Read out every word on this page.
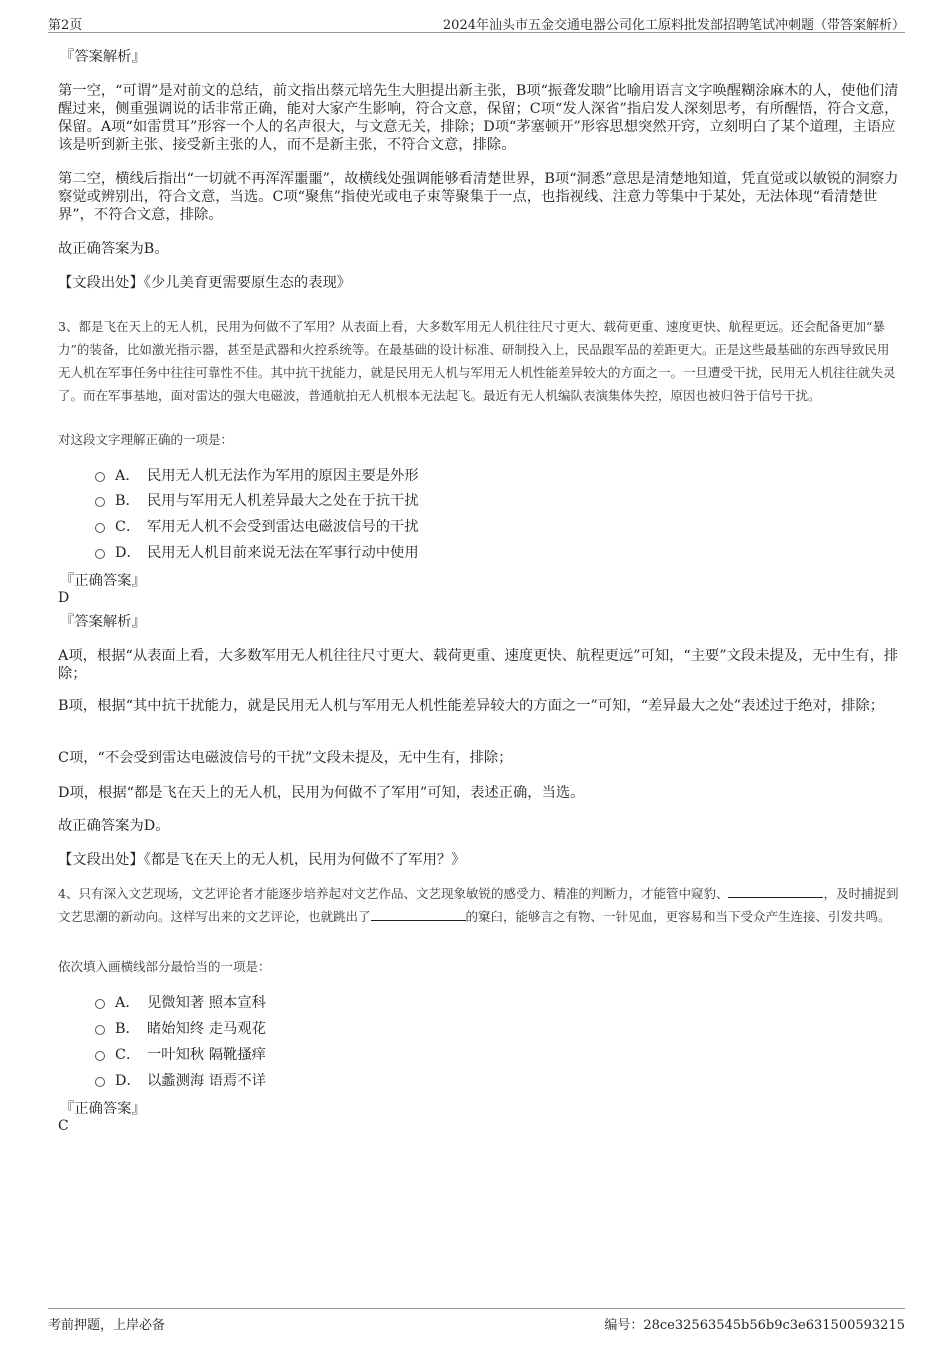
第2页	2024年汕头市五金交通电器公司化工原料批发部招聘笔试冲刺题（带答案解析）
『答案解析』

第一空，“可谓”是对前文的总结，前文指出蔡元培先生大胆提出新主张，B项“振聋发聩”比喻用语言文字唤醒糊涂麻木的人，使他们清醒过来，侧重强调说的话非常正确，能对大家产生影响，符合文意，保留；C项“发人深省”指启发人深刻思考，有所醒悟，符合文意，保留。A项“如雷贯耳”形容一个人的名声很大，与文意无关，排除；D项“茅塞顿开”形容思想突然开窍，立刻明白了某个道理，主语应该是听到新主张、接受新主张的人，而不是新主张，不符合文意，排除。

第二空，横线后指出“一切就不再浑浑噩噩”，故横线处强调能够看清楚世界，B项“洞悉”意思是清楚地知道，凭直觉或以敏锐的洞察力察觉或辨别出，符合文意，当选。C项“聚焦”指使光或电子束等聚集于一点，也指视线、注意力等集中于某处，无法体现“看清楚世界”，不符合文意，排除。

故正确答案为B。

【文段出处】《少儿美育更需要原生态的表现》

3、都是飞在天上的无人机，民用为何做不了军用？从表面上看，大多数军用无人机往往尺寸更大、载荷更重、速度更快、航程更远。还会配备更加“暴力”的装备，比如激光指示器，甚至是武器和火控系统等。在最基础的设计标准、研制投入上，民品跟军品的差距更大。正是这些最基础的东西导致民用无人机在军事任务中往往可靠性不佳。其中抗干扰能力，就是民用无人机与军用无人机性能差异较大的方面之一。一旦遭受干扰，民用无人机往往就失灵了。而在军事基地，面对雷达的强大电磁波，普通航拍无人机根本无法起飞。最近有无人机编队表演集体失控，原因也被归咎于信号干扰。

对这段文字理解正确的一项是：

A． 民用无人机无法作为军用的原因主要是外形
B． 民用与军用无人机差异最大之处在于抗干扰
C． 军用无人机不会受到雷达电磁波信号的干扰
D． 民用无人机目前来说无法在军事行动中使用
『正确答案』
D
『答案解析』

A项，根据“从表面上看，大多数军用无人机往往尺寸更大、载荷更重、速度更快、航程更远”可知，“主要”文段未提及，无中生有，排除；

B项，根据“其中抗干扰能力，就是民用无人机与军用无人机性能差异较大的方面之一”可知，“差异最大之处”表述过于绝对，排除；

C项，“不会受到雷达电磁波信号的干扰”文段未提及，无中生有，排除；

D项，根据“都是飞在天上的无人机，民用为何做不了军用”可知，表述正确，当选。

故正确答案为D。

【文段出处】《都是飞在天上的无人机，民用为何做不了军用？》

4、只有深入文艺现场，文艺评论者才能逐步培养起对文艺作品、文艺现象敏锐的感受力、精准的判断力，才能管中窥豹、	，及时捕捉到文艺思潮的新动向。这样写出来的文艺评论，也就跳出了	的窠臼，能够言之有物、一针见血，更容易和当下受众产生连接、引发共鸣。

依次填入画横线部分最恰当的一项是：

A． 见微知著 照本宣科
B． 睹始知终 走马观花
C． 一叶知秋 隔靴搔痒
D． 以蠡测海 语焉不详
『正确答案』
C
考前押题，上岸必备	编号：28ce32563545b56b9c3e631500593215
